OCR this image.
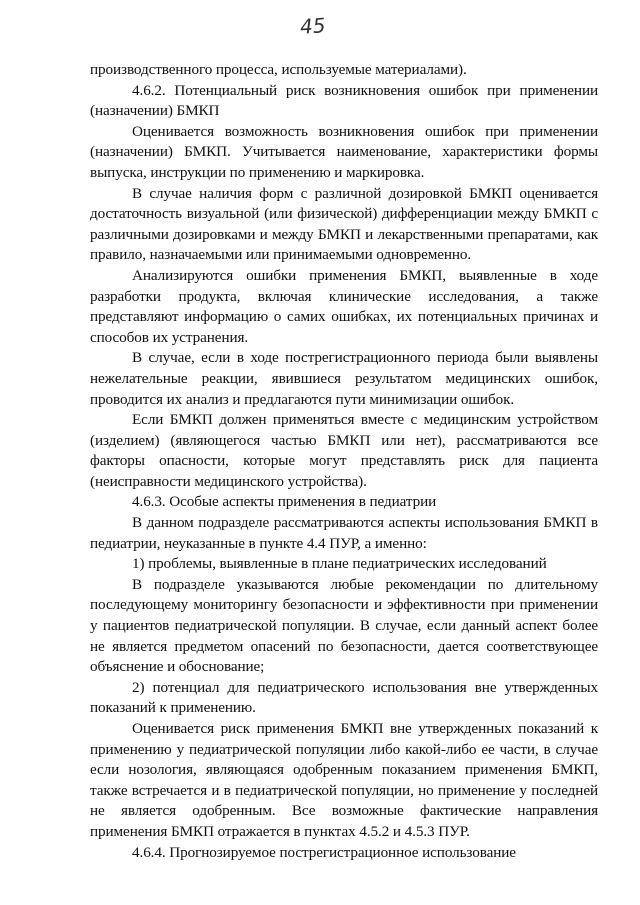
45

производственного процесса, используемые материалами).

4.6.2. Потенциальный риск возникновения ошибок при применении (назначении) БМКП

Оценивается возможность возникновения ошибок при применении (назначении) БМКП. Учитывается наименование, характеристики формы выпуска, инструкции по применению и маркировка.

В случае наличия форм с различной дозировкой БМКП оценивается достаточность визуальной (или физической) дифференциации между БМКП с различными дозировками и между БМКП и лекарственными препаратами, как правило, назначаемыми или принимаемыми одновременно.

Анализируются ошибки применения БМКП, выявленные в ходе разработки продукта, включая клинические исследования, а также представляют информацию о самих ошибках, их потенциальных причинах и способов их устранения.

В случае, если в ходе пострегистрационного периода были выявлены нежелательные реакции, явившиеся результатом медицинских ошибок, проводится их анализ и предлагаются пути минимизации ошибок.

Если БМКП должен применяться вместе с медицинским устройством (изделием) (являющегося частью БМКП или нет), рассматриваются все факторы опасности, которые могут представлять риск для пациента (неисправности медицинского устройства).

4.6.3. Особые аспекты применения в педиатрии

В данном подразделе рассматриваются аспекты использования БМКП в педиатрии, неуказанные в пункте 4.4 ПУР, а именно:

1) проблемы, выявленные в плане педиатрических исследований

В подразделе указываются любые рекомендации по длительному последующему мониторингу безопасности и эффективности при применении у пациентов педиатрической популяции. В случае, если данный аспект более не является предметом опасений по безопасности, дается соответствующее объяснение и обоснование;

2) потенциал для педиатрического использования вне утвержденных показаний к применению.

Оценивается риск применения БМКП вне утвержденных показаний к применению у педиатрической популяции либо какой-либо ее части, в случае если нозология, являющаяся одобренным показанием применения БМКП, также встречается и в педиатрической популяции, но применение у последней не является одобренным. Все возможные фактические направления применения БМКП отражается в пунктах 4.5.2 и 4.5.3 ПУР.

4.6.4. Прогнозируемое пострегистрационное использование
